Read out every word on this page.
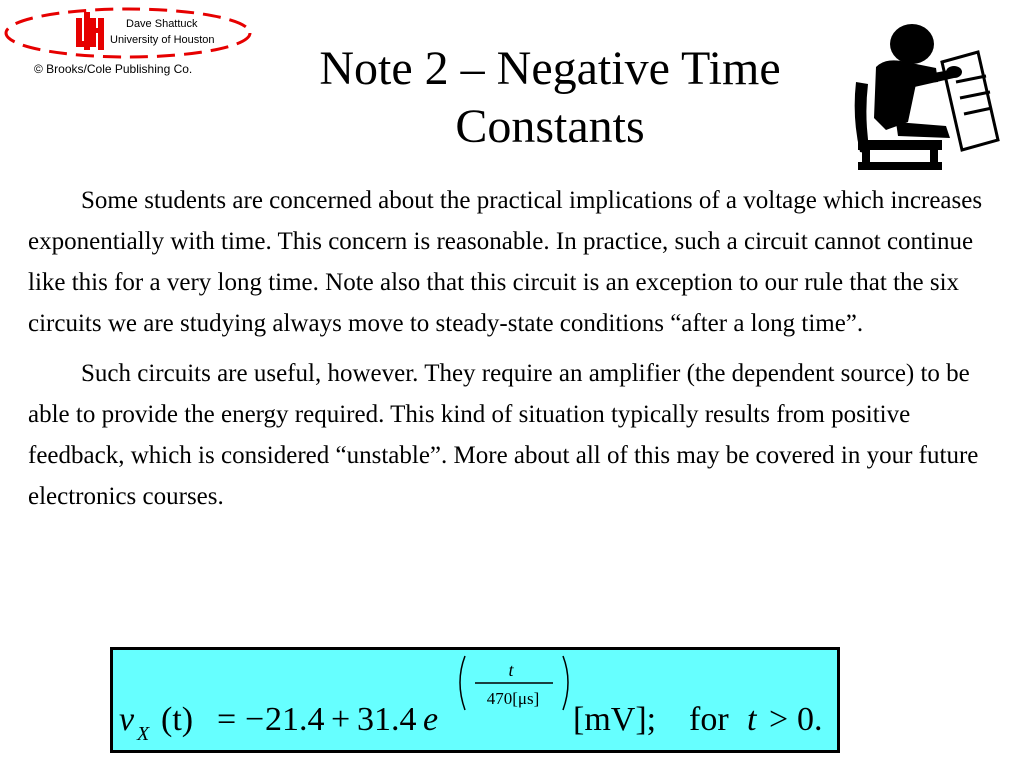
Dave Shattuck
University of Houston
© Brooks/Cole Publishing Co.	Note 2 – Negative Time
Constants

Some students are concerned about the practical implications of a voltage which increases exponentially with time. This concern is reasonable. In practice, such a circuit cannot continue like this for a very long time. Note also that this circuit is an exception to our rule that the six circuits we are studying always move to steady-state conditions “after a long time”.

Such circuits are useful, however. They require an amplifier (the dependent source) to be able to provide the energy required. This kind of situation typically results from positive feedback, which is considered “unstable”. More about all of this may be covered in your future electronics courses.

v X (t) = − 21.4 + 31.4 e
t
470[μs]
[mV]; for t > 0.
